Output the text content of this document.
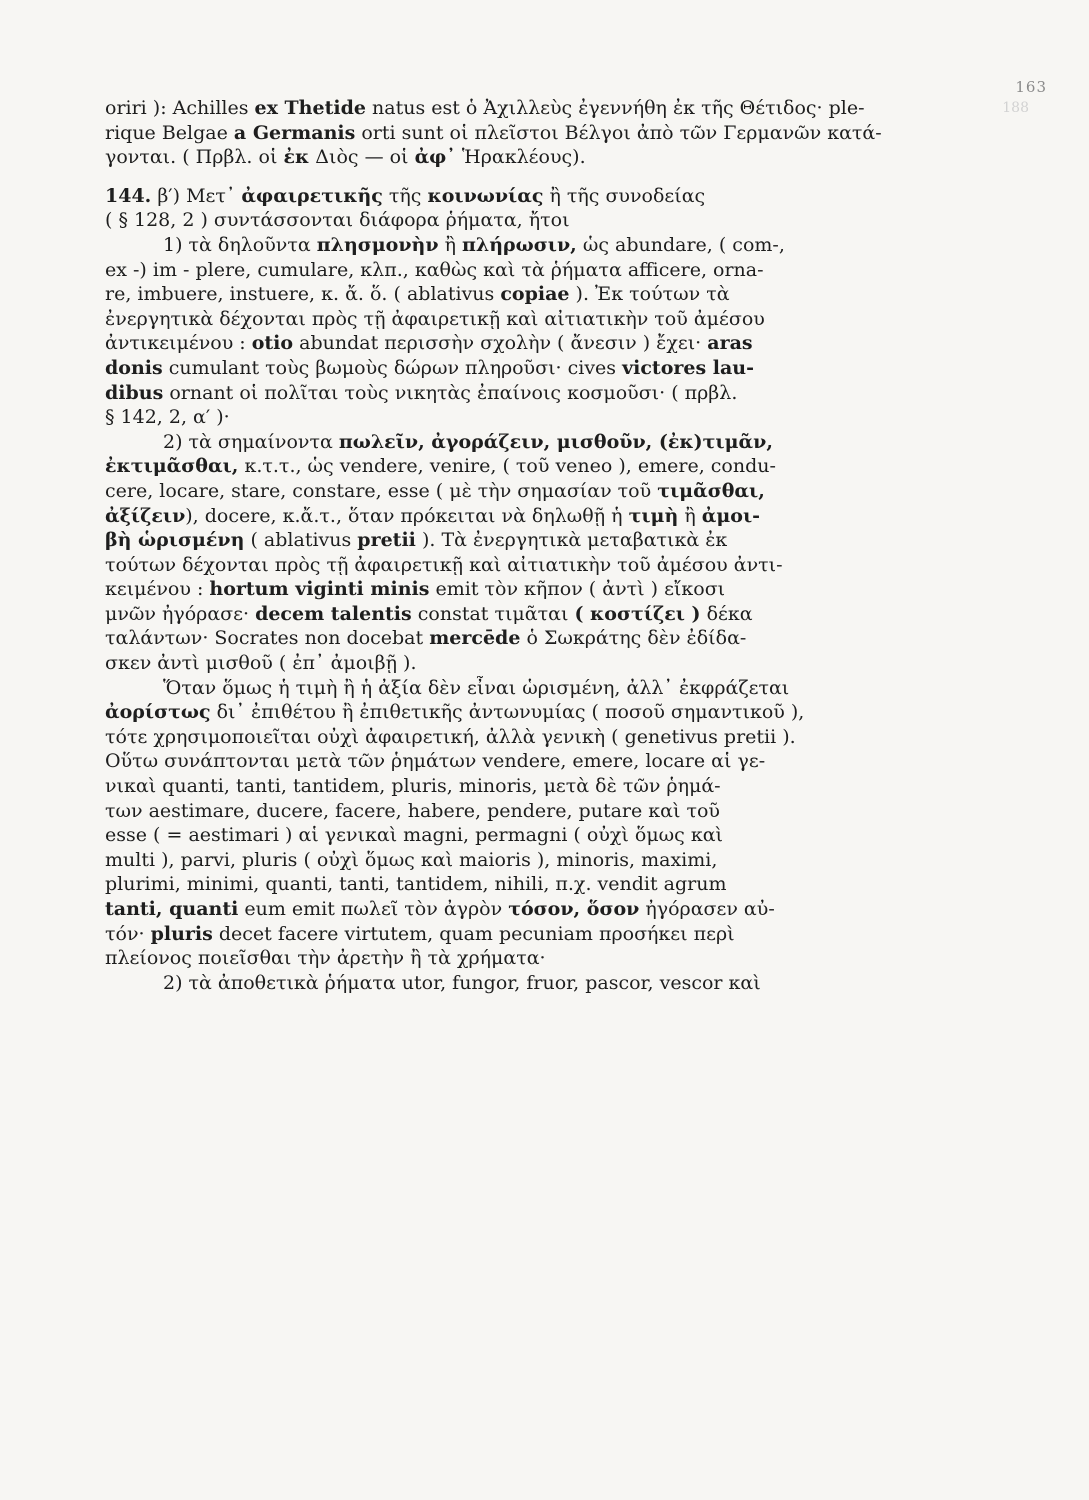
163
188
oriri ): Achilles ex Thetide natus est ὁ Ἀχιλλεὺς ἐγεννήθη ἐκ τῆς Θέτιδος· ple-
rique Belgae a Germanis orti sunt οἱ πλεῖστοι Βέλγοι ἀπὸ τῶν Γερμανῶν κατά-
γονται. ( Πρβλ. οἱ ἐκ Διὸς — οἱ ἀφ᾽ Ἡρακλέους).
144. β′) Μετ᾽ ἀφαιρετικῆς τῆς κοινωνίας ἢ τῆς συνοδείας
( § 128, 2 ) συντάσσονται διάφορα ῥήματα, ἤτοι
1) τὰ δηλοῦντα πλησμονὴν ἢ πλήρωσιν, ὡς abundare, ( com-,
ex -) im - plere, cumulare, κλπ., καθὼς καὶ τὰ ῥήματα afficere, orna-
re, imbuere, instuere, κ. ἄ. ὅ. ( ablativus copiae ). Ἐκ τούτων τὰ
ἐνεργητικὰ δέχονται πρὸς τῇ ἀφαιρετικῇ καὶ αἰτιατικὴν τοῦ ἀμέσου
ἀντικειμένου : otio abundat περισσὴν σχολὴν ( ἄνεσιν ) ἔχει· aras
donis cumulant τοὺς βωμοὺς δώρων πληροῦσι· cives victores lau-
dibus ornant οἱ πολῖται τοὺς νικητὰς ἐπαίνοις κοσμοῦσι· ( πρβλ.
§ 142, 2, α′ )·
2) τὰ σημαίνοντα πωλεῖν, ἀγοράζειν, μισθοῦν, (ἐκ)τιμᾶν,
ἐκτιμᾶσθαι, κ.τ.τ., ὡς vendere, venire, ( τοῦ veneo ), emere, condu-
cere, locare, stare, constare, esse ( μὲ τὴν σημασίαν τοῦ τιμᾶσθαι,
ἀξίζειν), docere, κ.ἄ.τ., ὅταν πρόκειται νὰ δηλωθῇ ἡ τιμὴ ἢ ἀμοι-
βὴ ὡρισμένη ( ablativus pretii ). Τὰ ἐνεργητικὰ μεταβατικὰ ἐκ
τούτων δέχονται πρὸς τῇ ἀφαιρετικῇ καὶ αἰτιατικὴν τοῦ ἀμέσου ἀντι-
κειμένου : hortum viginti minis emit τὸν κῆπον ( ἀντὶ ) εἴκοσι
μνῶν ἠγόρασε· decem talentis constat τιμᾶται ( κοστίζει ) δέκα
ταλάντων· Socrates non docebat mercēde ὁ Σωκράτης δὲν ἐδίδα-
σκεν ἀντὶ μισθοῦ ( ἐπ᾽ ἀμοιβῇ ).
Ὅταν ὅμως ἡ τιμὴ ἢ ἡ ἀξία δὲν εἶναι ὡρισμένη, ἀλλ᾽ ἐκφράζεται
ἀορίστως δι᾽ ἐπιθέτου ἢ ἐπιθετικῆς ἀντωνυμίας ( ποσοῦ σημαντικοῦ ),
τότε χρησιμοποιεῖται οὐχὶ ἀφαιρετική, ἀλλὰ γενικὴ ( genetivus pretii ).
Οὕτω συνάπτονται μετὰ τῶν ῥημάτων vendere, emere, locare αἱ γε-
νικαὶ quanti, tanti, tantidem, pluris, minoris, μετὰ δὲ τῶν ῥημά-
των aestimare, ducere, facere, habere, pendere, putare καὶ τοῦ
esse ( = aestimari ) αἱ γενικαὶ magni, permagni ( οὐχὶ ὅμως καὶ
multi ), parvi, pluris ( οὐχὶ ὅμως καὶ maioris ), minoris, maximi,
plurimi, minimi, quanti, tanti, tantidem, nihili, π.χ. vendit agrum
tanti, quanti eum emit πωλεῖ τὸν ἀγρὸν τόσον, ὅσον ἠγόρασεν αὐ-
τόν· pluris decet facere virtutem, quam pecuniam προσήκει περὶ
πλείονος ποιεῖσθαι τὴν ἀρετὴν ἢ τὰ χρήματα·
2) τὰ ἀποθετικὰ ῥήματα utor, fungor, fruor, pascor, vescor καὶ
